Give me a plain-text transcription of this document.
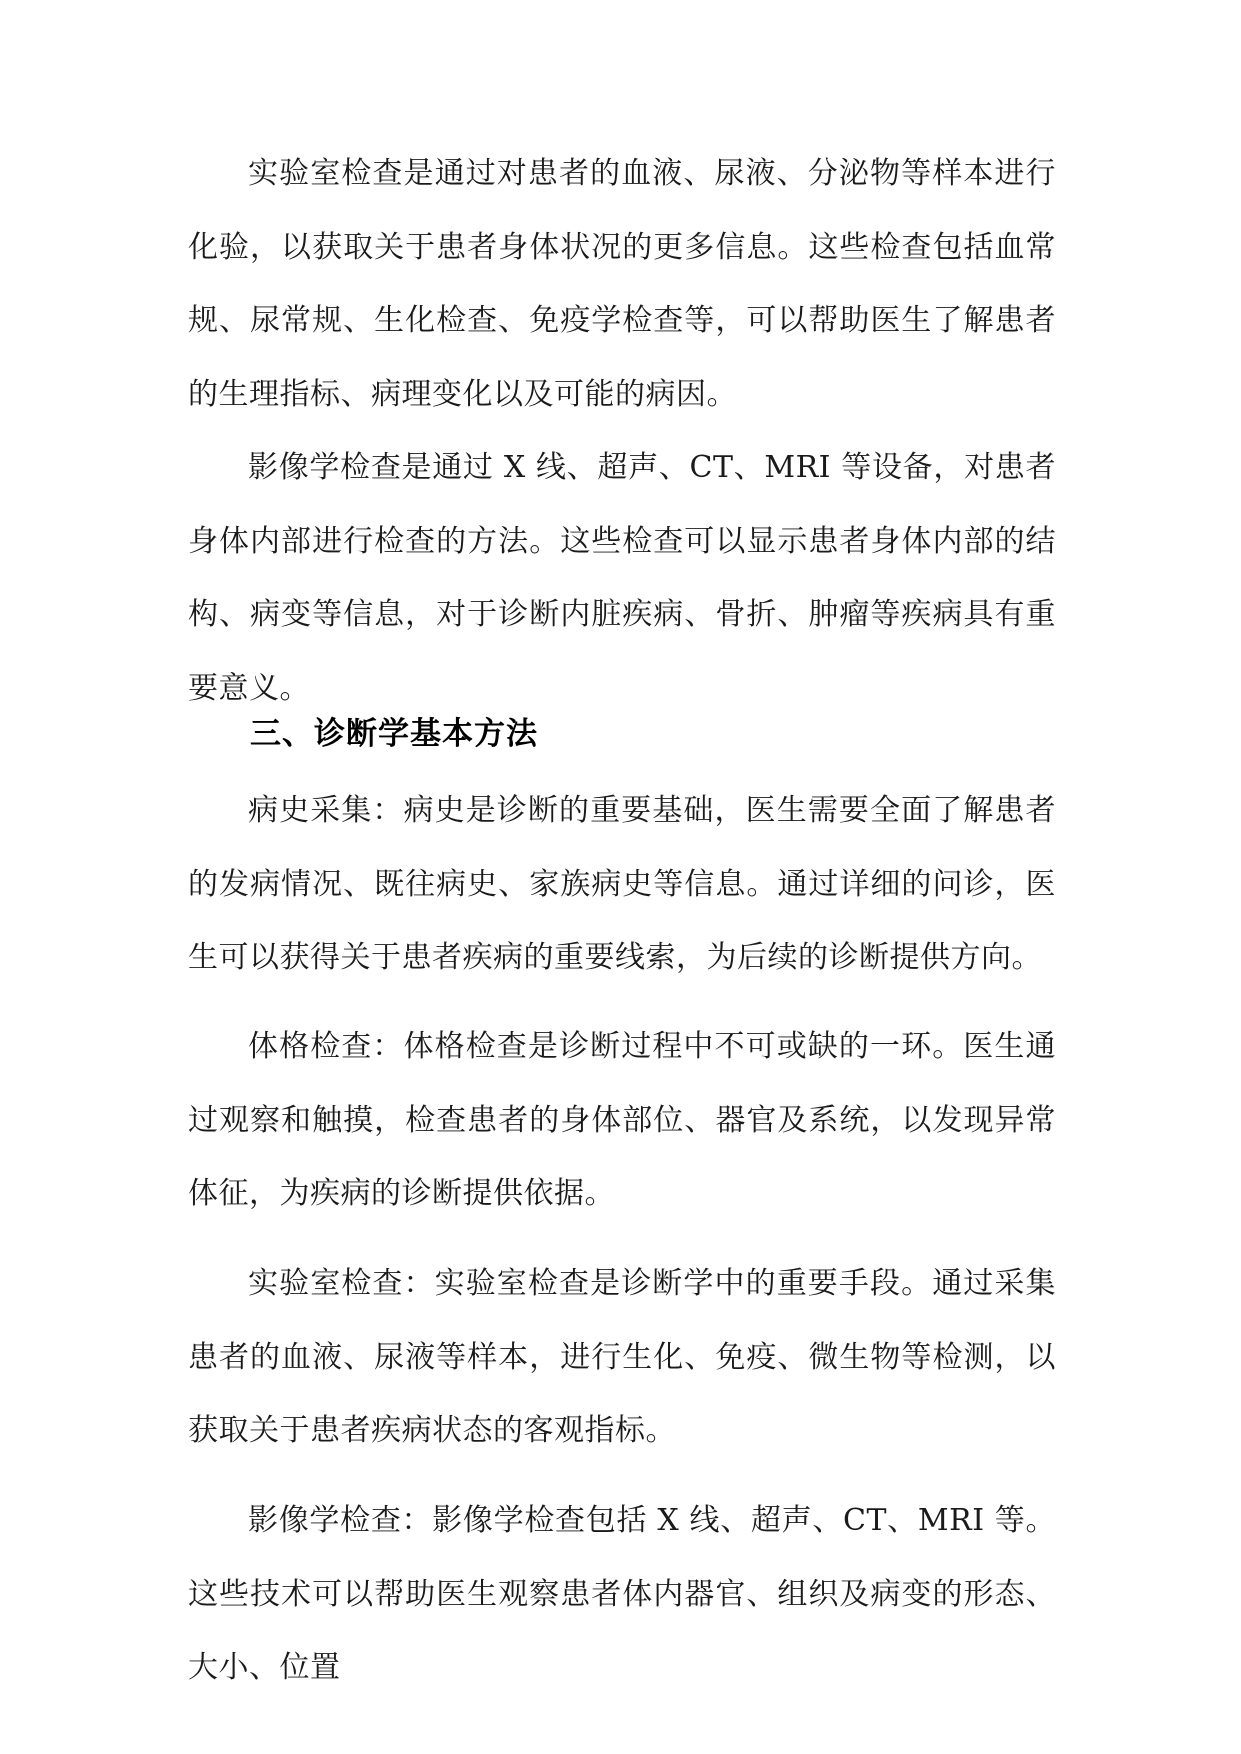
实验室检查是通过对患者的血液、尿液、分泌物等样本进行化验，以获取关于患者身体状况的更多信息。这些检查包括血常规、尿常规、生化检查、免疫学检查等，可以帮助医生了解患者的生理指标、病理变化以及可能的病因。

影像学检查是通过 X 线、超声、CT、MRI 等设备，对患者身体内部进行检查的方法。这些检查可以显示患者身体内部的结构、病变等信息，对于诊断内脏疾病、骨折、肿瘤等疾病具有重要意义。

三、诊断学基本方法

病史采集：病史是诊断的重要基础，医生需要全面了解患者的发病情况、既往病史、家族病史等信息。通过详细的问诊，医生可以获得关于患者疾病的重要线索，为后续的诊断提供方向。

体格检查：体格检查是诊断过程中不可或缺的一环。医生通过观察和触摸，检查患者的身体部位、器官及系统，以发现异常体征，为疾病的诊断提供依据。

实验室检查：实验室检查是诊断学中的重要手段。通过采集患者的血液、尿液等样本，进行生化、免疫、微生物等检测，以获取关于患者疾病状态的客观指标。

影像学检查：影像学检查包括 X 线、超声、CT、MRI 等。这些技术可以帮助医生观察患者体内器官、组织及病变的形态、大小、位置
